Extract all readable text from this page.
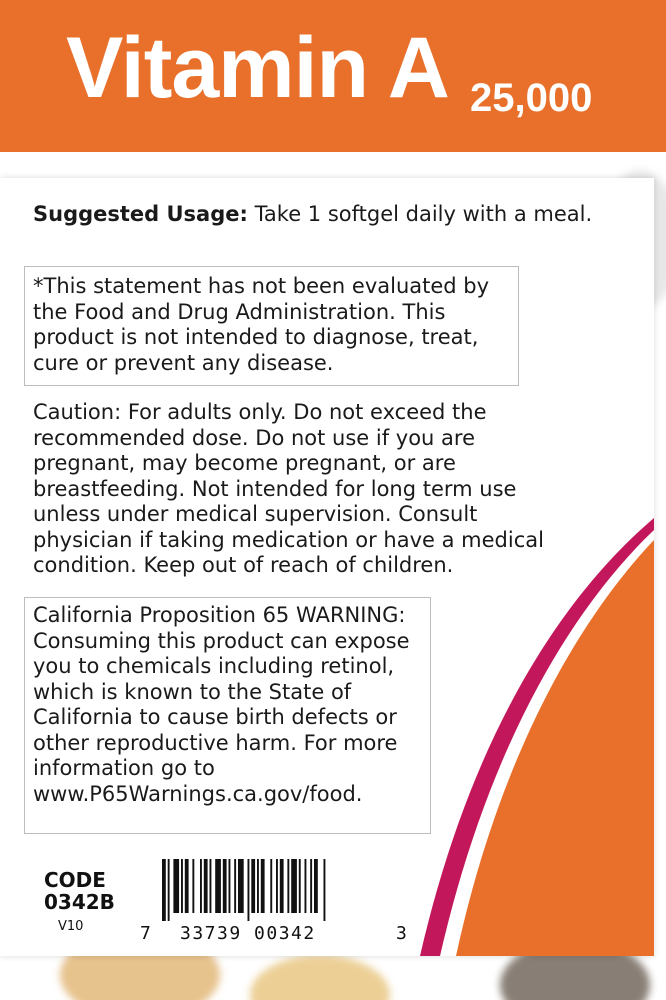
Vitamin A 25,000
Suggested Usage: Take 1 softgel daily with a meal.
*This statement has not been evaluated by the Food and Drug Administration. This product is not intended to diagnose, treat, cure or prevent any disease.
Caution: For adults only. Do not exceed the recommended dose. Do not use if you are pregnant, may become pregnant, or are breastfeeding. Not intended for long term use unless under medical supervision. Consult physician if taking medication or have a medical condition. Keep out of reach of children.
California Proposition 65 WARNING: Consuming this product can expose you to chemicals including retinol, which is known to the State of California to cause birth defects or other reproductive harm. For more information go to www.P65Warnings.ca.gov/food.
CODE
0342B
V10	7 33739 00342	3
